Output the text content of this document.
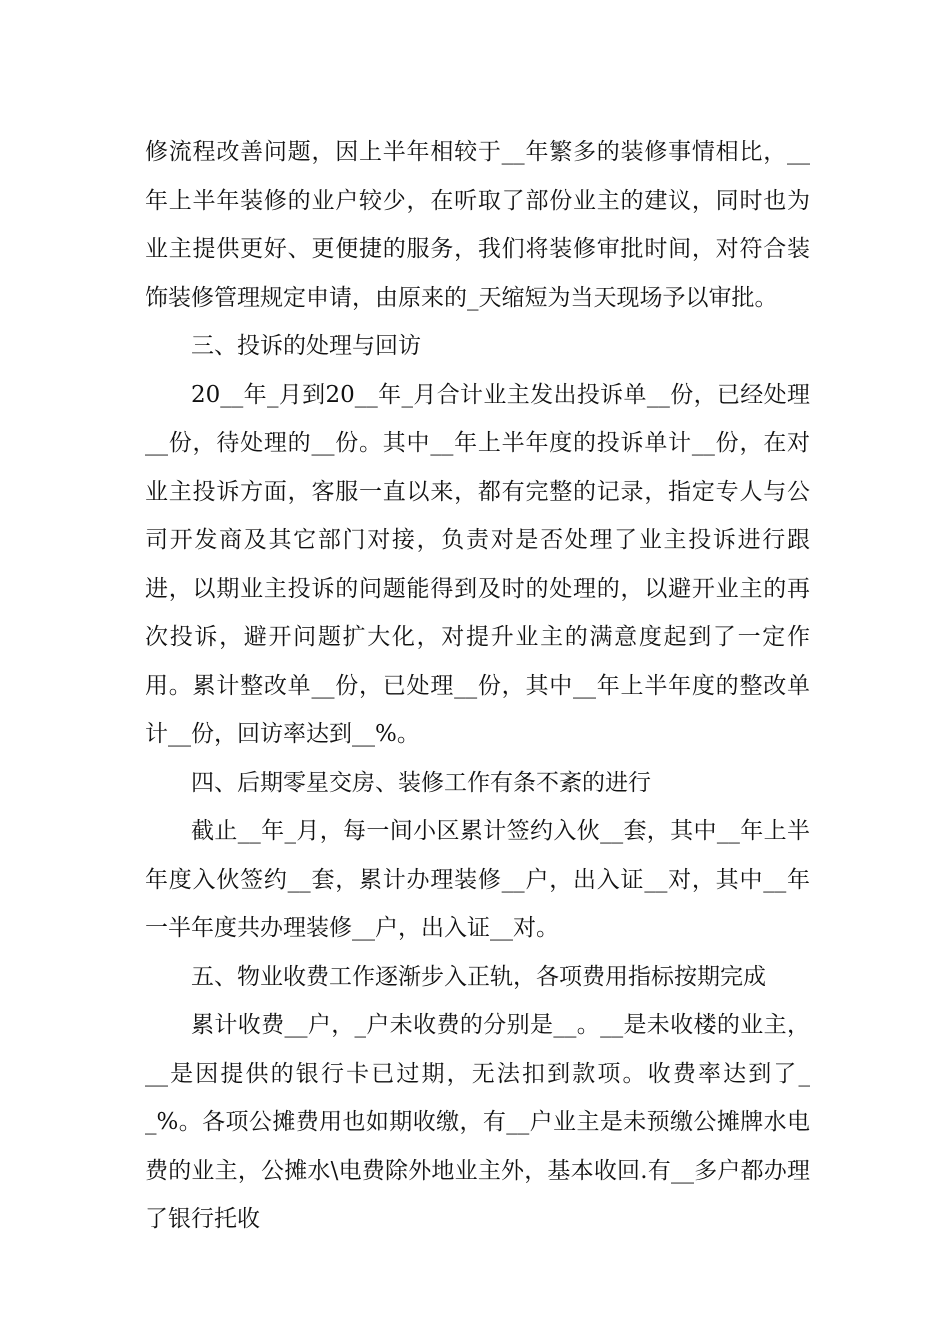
修流程改善问题，因上半年相较于__年繁多的装修事情相比，__年上半年装修的业户较少，在听取了部份业主的建议，同时也为业主提供更好、更便捷的服务，我们将装修审批时间，对符合装饰装修管理规定申请，由原来的_天缩短为当天现场予以审批。

三、投诉的处理与回访

20__年_月到20__年_月合计业主发出投诉单__份，已经处理__份，待处理的__份。其中__年上半年度的投诉单计__份，在对业主投诉方面，客服一直以来，都有完整的记录，指定专人与公司开发商及其它部门对接，负责对是否处理了业主投诉进行跟进，以期业主投诉的问题能得到及时的处理的，以避开业主的再次投诉，避开问题扩大化，对提升业主的满意度起到了一定作用。累计整改单__份，已处理__份，其中__年上半年度的整改单计__份，回访率达到__%。

四、后期零星交房、装修工作有条不紊的进行

截止__年_月，每一间小区累计签约入伙__套，其中__年上半年度入伙签约__套，累计办理装修__户，出入证__对，其中__年一半年度共办理装修__户，出入证__对。

五、物业收费工作逐渐步入正轨，各项费用指标按期完成

累计收费__户，_户未收费的分别是__。__是未收楼的业主，__是因提供的银行卡已过期，无法扣到款项。收费率达到了__%。各项公摊费用也如期收缴，有__户业主是未预缴公摊牌水电费的业主，公摊水\电费除外地业主外，基本收回.有__多户都办理了银行托收
